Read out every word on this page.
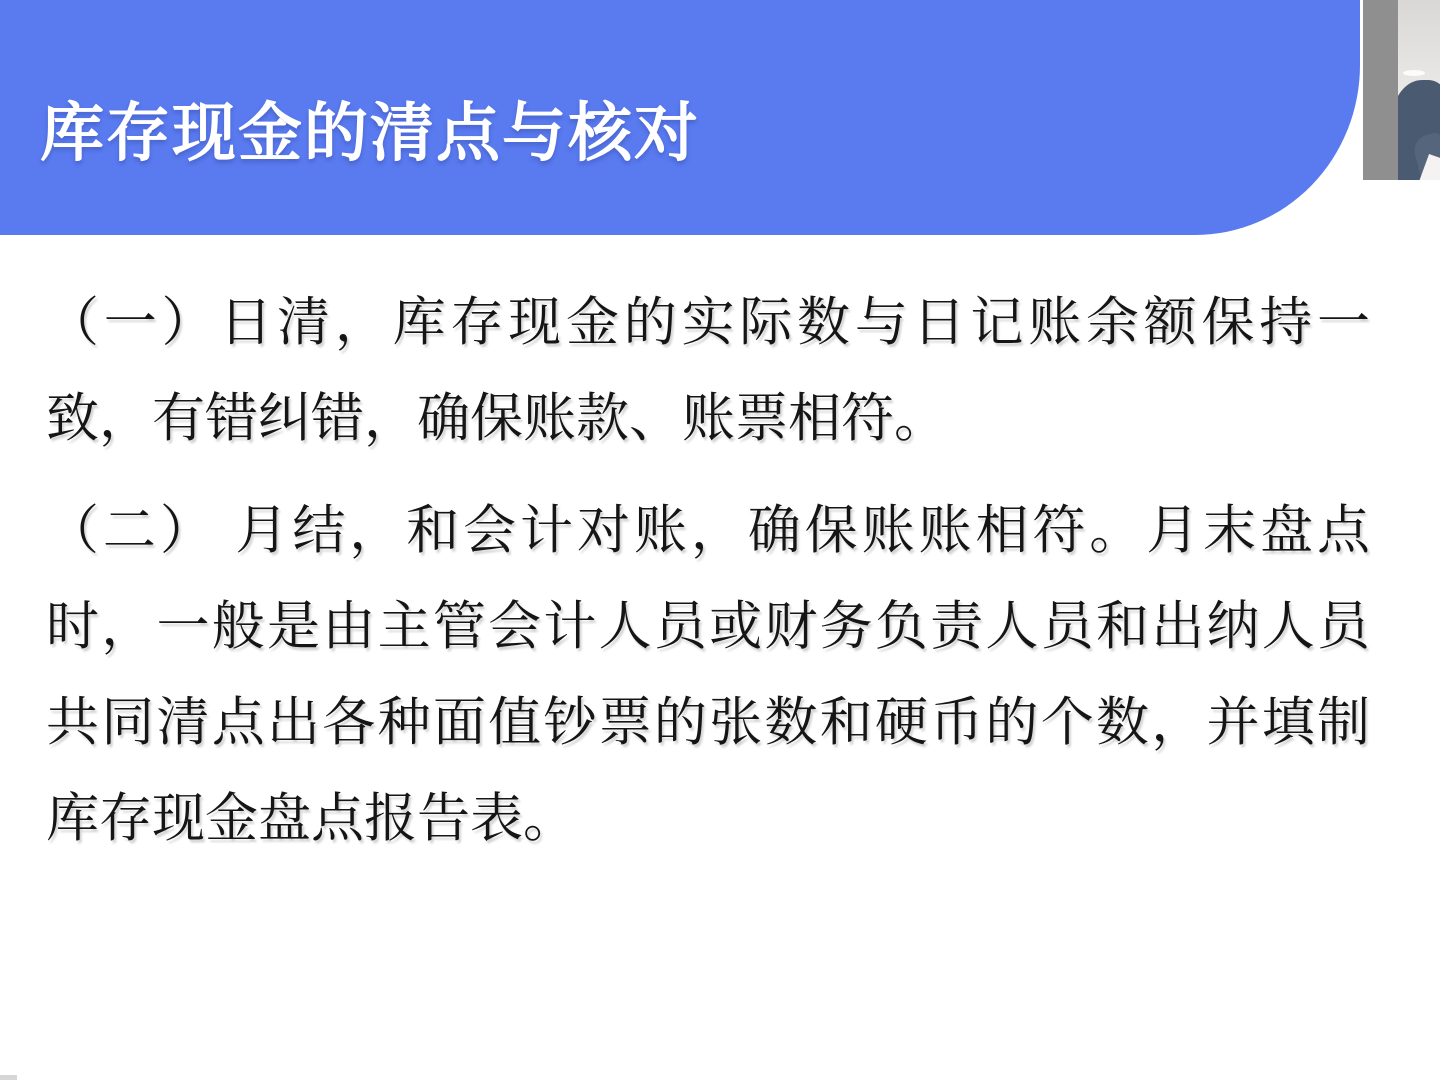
库存现金的清点与核对

（一）日清，库存现金的实际数与日记账余额保持一致，有错纠错，确保账款、账票相符。

（二） 月结，和会计对账，确保账账相符。月末盘点时，一般是由主管会计人员或财务负责人员和出纳人员共同清点出各种面值钞票的张数和硬币的个数，并填制库存现金盘点报告表。
